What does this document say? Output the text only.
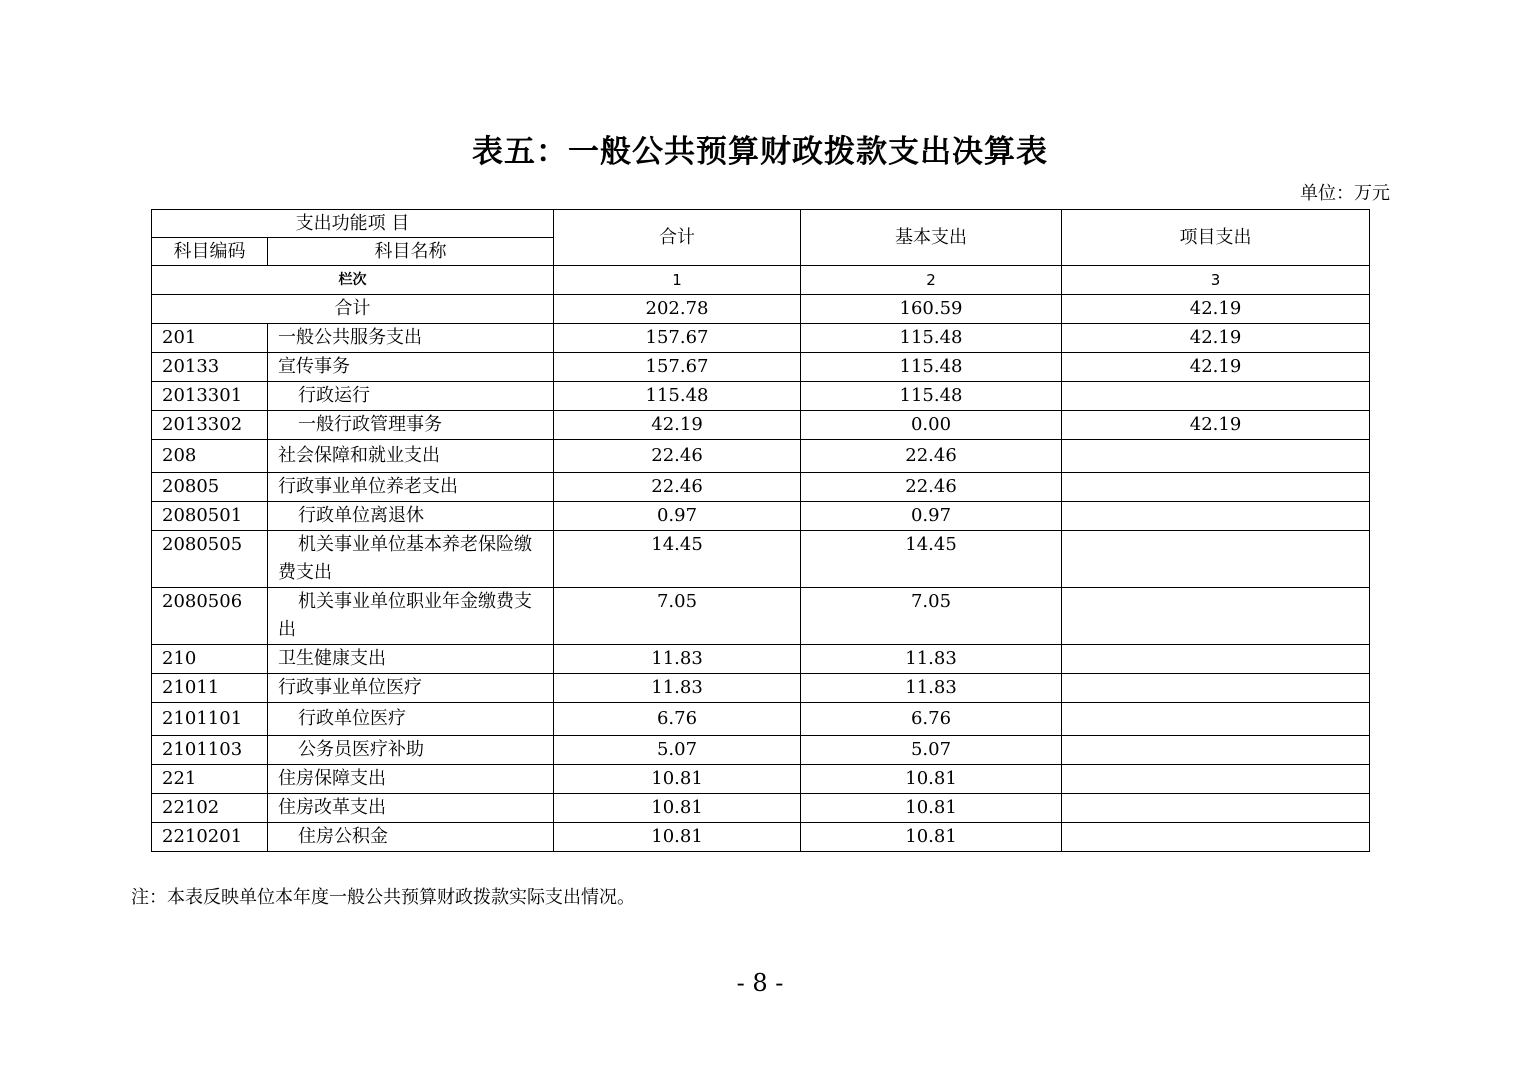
表五：一般公共预算财政拨款支出决算表
单位：万元
支出功能项 目		合计	基本支出	项目支出
科目编码	科目名称			
栏次		1	2	3
合计		202.78	160.59	42.19
201	一般公共服务支出	157.67	115.48	42.19
20133	宣传事务	157.67	115.48	42.19
2013301	行政运行	115.48	115.48	
2013302	一般行政管理事务	42.19	0.00	42.19
208	社会保障和就业支出	22.46	22.46	
20805	行政事业单位养老支出	22.46	22.46	
2080501	行政单位离退休	0.97	0.97	
2080505	机关事业单位基本养老保险缴费支出	14.45	14.45	
2080506	机关事业单位职业年金缴费支出	7.05	7.05	
210	卫生健康支出	11.83	11.83	
21011	行政事业单位医疗	11.83	11.83	
2101101	行政单位医疗	6.76	6.76	
2101103	公务员医疗补助	5.07	5.07	
221	住房保障支出	10.81	10.81	
22102	住房改革支出	10.81	10.81	
2210201	住房公积金	10.81	10.81	
注：本表反映单位本年度一般公共预算财政拨款实际支出情况。
- 8 -
